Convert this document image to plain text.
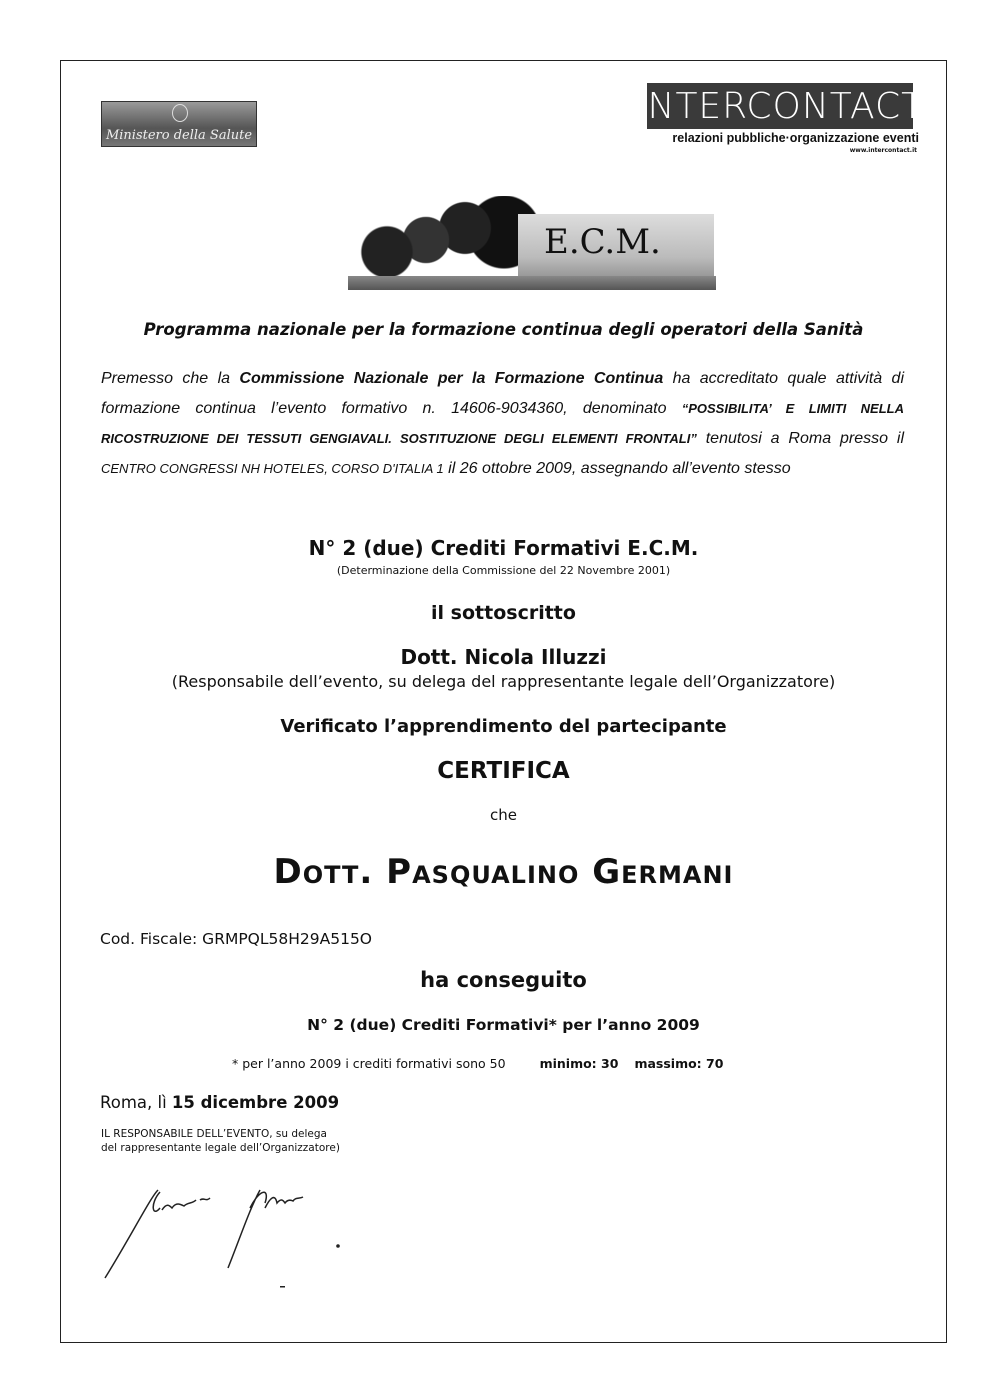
Ministero della Salute
INTERCONTACT
relazioni pubbliche·organizzazione eventi
www.intercontact.it
E.C.M.
Programma nazionale per la formazione continua degli operatori della Sanità
Premesso che la Commissione Nazionale per la Formazione Continua ha accreditato quale attività di formazione continua l’evento formativo n. 14606-9034360, denominato “POSSIBILITA’ E LIMITI NELLA RICOSTRUZIONE DEI TESSUTI GENGIAVALI. SOSTITUZIONE DEGLI ELEMENTI FRONTALI” tenutosi a Roma presso il CENTRO CONGRESSI NH HOTELES, CORSO D'ITALIA 1 il 26 ottobre 2009, assegnando all’evento stesso
N° 2 (due) Crediti Formativi E.C.M.
(Determinazione della Commissione del 22 Novembre 2001)
il sottoscritto
Dott. Nicola Illuzzi
(Responsabile dell’evento, su delega del rappresentante legale dell’Organizzatore)
Verificato l’apprendimento del partecipante
CERTIFICA
che
Dott. Pasqualino Germani
Cod. Fiscale: GRMPQL58H29A515O
ha conseguito
N° 2 (due) Crediti Formativi* per l’anno 2009
* per l’anno 2009 i crediti formativi sono 50	minimo: 30 massimo: 70
Roma, lì 15 dicembre 2009
IL RESPONSABILE DELL’EVENTO, su delega
del rappresentante legale dell’Organizzatore)
